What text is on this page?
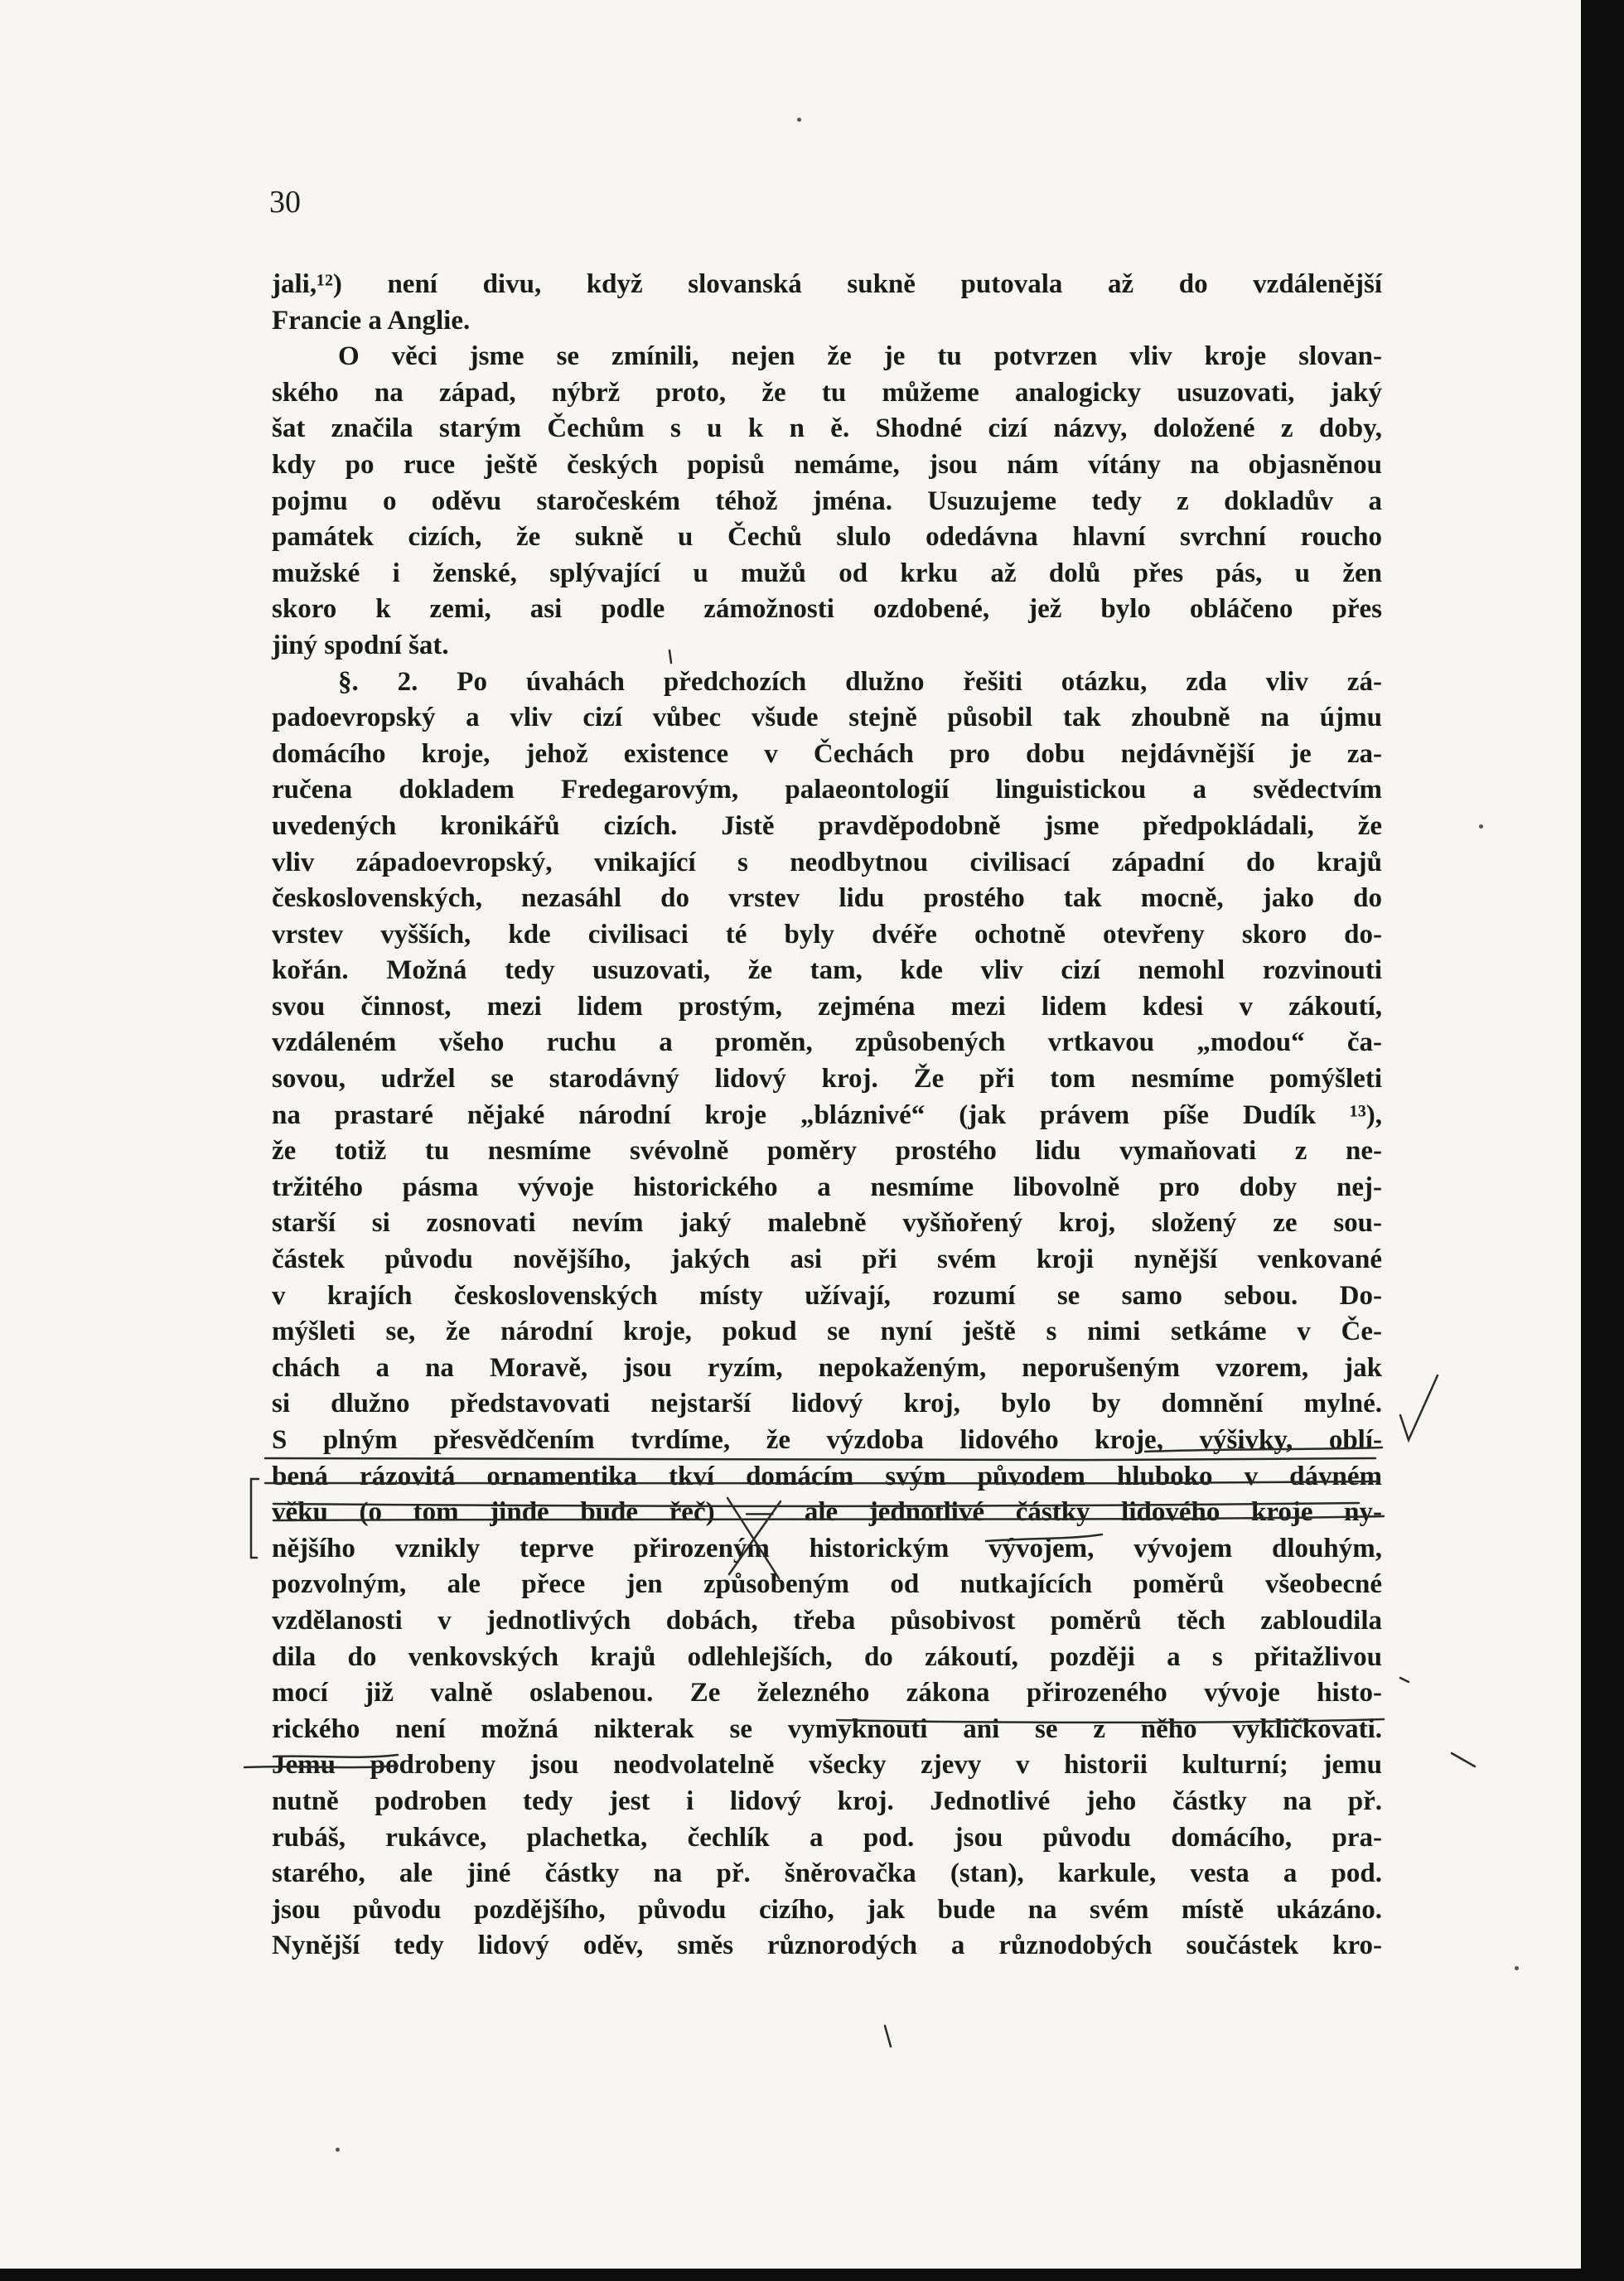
30
jali,¹²) není divu, když slovanská sukně putovala až do vzdálenější
Francie a Anglie.
O věci jsme se zmínili, nejen že je tu potvrzen vliv kroje slovan-
ského na západ, nýbrž proto, že tu můžeme analogicky usuzovati, jaký
šat značila starým Čechům s u k n ě. Shodné cizí názvy, doložené z doby,
kdy po ruce ještě českých popisů nemáme, jsou nám vítány na objasněnou
pojmu o oděvu staročeském téhož jména. Usuzujeme tedy z dokladův a
památek cizích, že sukně u Čechů slulo odedávna hlavní svrchní roucho
mužské i ženské, splývající u mužů od krku až dolů přes pás, u žen
skoro k zemi, asi podle zámožnosti ozdobené, jež bylo obláčeno přes
jiný spodní šat.
§. 2. Po úvahách předchozích dlužno řešiti otázku, zda vliv zá-
padoevropský a vliv cizí vůbec všude stejně působil tak zhoubně na újmu
domácího kroje, jehož existence v Čechách pro dobu nejdávnější je za-
ručena dokladem Fredegarovým, palaeontologií linguistickou a svědectvím
uvedených kronikářů cizích. Jistě pravděpodobně jsme předpokládali, že
vliv západoevropský, vnikající s neodbytnou civilisací západní do krajů
československých, nezasáhl do vrstev lidu prostého tak mocně, jako do
vrstev vyšších, kde civilisaci té byly dvéře ochotně otevřeny skoro do-
kořán. Možná tedy usuzovati, že tam, kde vliv cizí nemohl rozvinouti
svou činnost, mezi lidem prostým, zejména mezi lidem kdesi v zákoutí,
vzdáleném všeho ruchu a proměn, způsobených vrtkavou „modou“ ča-
sovou, udržel se starodávný lidový kroj. Že při tom nesmíme pomýšleti
na prastaré nějaké národní kroje „bláznivé“ (jak právem píše Dudík ¹³),
že totiž tu nesmíme svévolně poměry prostého lidu vymaňovati z ne-
tržitého pásma vývoje historického a nesmíme libovolně pro doby nej-
starší si zosnovati nevím jaký malebně vyšňořený kroj, složený ze sou-
částek původu novějšího, jakých asi při svém kroji nynější venkované
v krajích československých místy užívají, rozumí se samo sebou. Do-
mýšleti se, že národní kroje, pokud se nyní ještě s nimi setkáme v Če-
chách a na Moravě, jsou ryzím, nepokaženým, neporušeným vzorem, jak
si dlužno představovati nejstarší lidový kroj, bylo by domnění mylné.
S plným přesvědčením tvrdíme, že výzdoba lidového kroje, výšivky, oblí-
bená rázovitá ornamentika tkví domácím svým původem hluboko v dávném
věku (o tom jinde bude řeč) — ale jednotlivé částky lidového kroje ny-
nějšího vznikly teprve přirozeným historickým vývojem, vývojem dlouhým,
pozvolným, ale přece jen způsobeným od nutkajících poměrů všeobecné
vzdělanosti v jednotlivých dobách, třeba působivost poměrů těch zabloudila
dila do venkovských krajů odlehlejších, do zákoutí, později a s přitažlivou
mocí již valně oslabenou. Ze železného zákona přirozeného vývoje histo-
rického není možná nikterak se vymyknouti ani se z něho vykličkovati.
Jemu podrobeny jsou neodvolatelně všecky zjevy v historii kulturní; jemu
nutně podroben tedy jest i lidový kroj. Jednotlivé jeho částky na př.
rubáš, rukávce, plachetka, čechlík a pod. jsou původu domácího, pra-
starého, ale jiné částky na př. šněrovačka (stan), karkule, vesta a pod.
jsou původu pozdějšího, původu cizího, jak bude na svém místě ukázáno.
Nynější tedy lidový oděv, směs různorodých a různodobých součástek kro-
